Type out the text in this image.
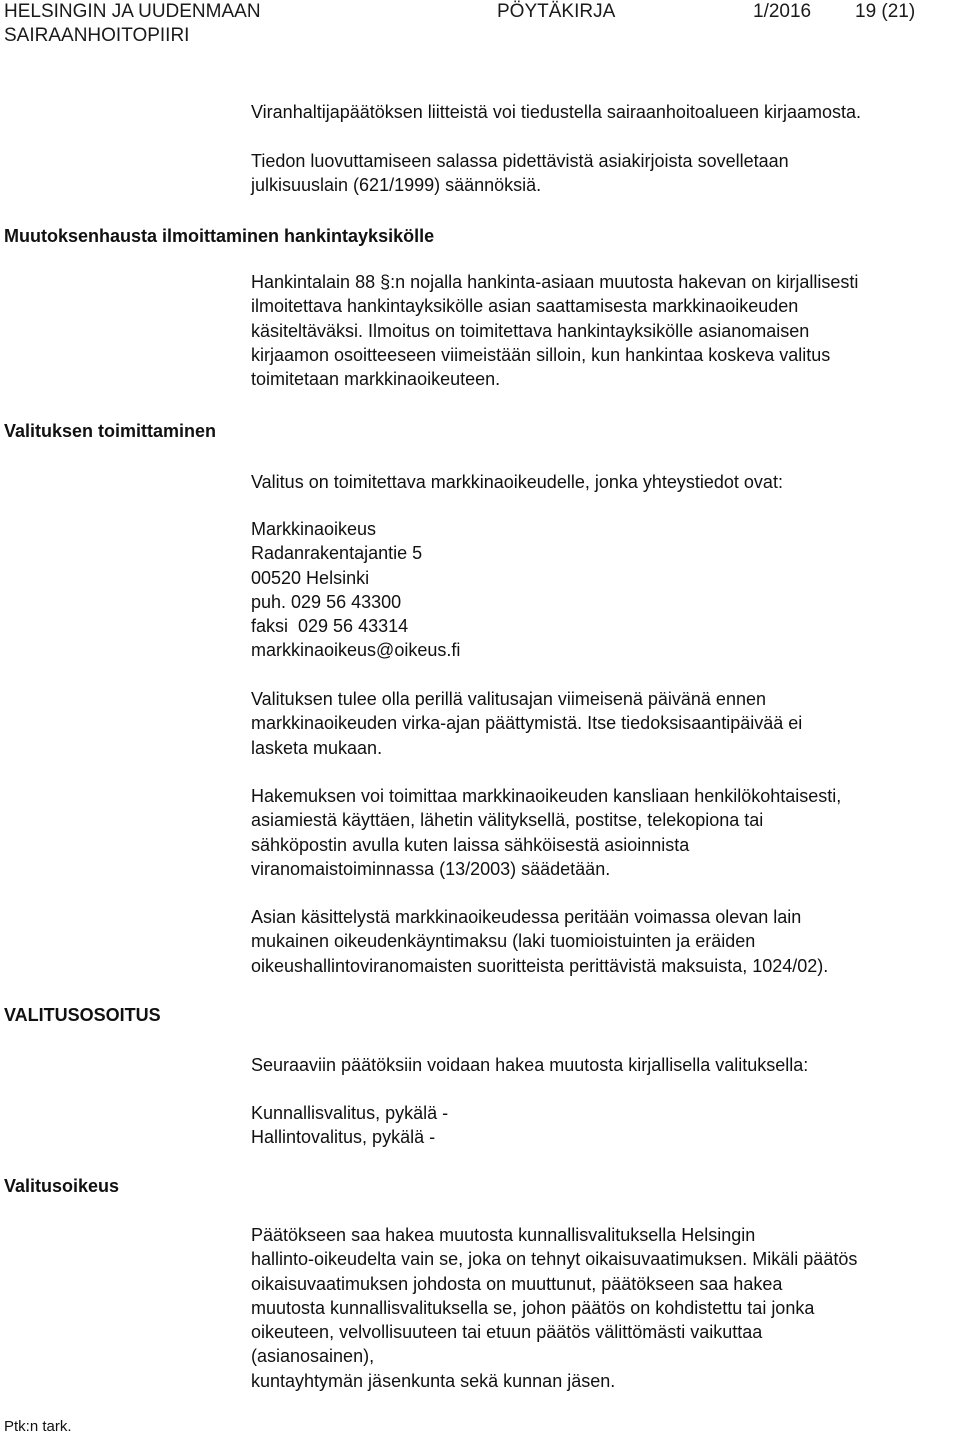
HELSINGIN JA UUDENMAAN
SAIRAANHOITOPIIRI
PÖYTÄKIRJA	1/2016 19 (21)
Muutoksenhausta ilmoittaminen hankintayksikölle
Valituksen toimittaminen
VALITUSOSOITUS
Valitusoikeus
Viranhaltijapäätöksen liitteistä voi tiedustella sairaanhoitoalueen kirjaamosta.
Tiedon luovuttamiseen salassa pidettävistä asiakirjoista sovelletaan
julkisuuslain (621/1999) säännöksiä.
Hankintalain 88 §:n nojalla hankinta-asiaan muutosta hakevan on kirjallisesti
ilmoitettava hankintayksikölle asian saattamisesta markkinaoikeuden
käsiteltäväksi. Ilmoitus on toimitettava hankintayksikölle asianomaisen
kirjaamon osoitteeseen viimeistään silloin, kun hankintaa koskeva valitus
toimitetaan markkinaoikeuteen.
Valitus on toimitettava markkinaoikeudelle, jonka yhteystiedot ovat:
Markkinaoikeus
Radanrakentajantie 5
00520 Helsinki
puh. 029 56 43300
faksi  029 56 43314
markkinaoikeus@oikeus.fi
Valituksen tulee olla perillä valitusajan viimeisenä päivänä ennen
markkinaoikeuden virka-ajan päättymistä. Itse tiedoksisaantipäivää ei
lasketa mukaan.
Hakemuksen voi toimittaa markkinaoikeuden kansliaan henkilökohtaisesti,
asiamiestä käyttäen, lähetin välityksellä, postitse, telekopiona tai
sähköpostin avulla kuten laissa sähköisestä asioinnista
viranomaistoiminnassa (13/2003) säädetään.
Asian käsittelystä markkinaoikeudessa peritään voimassa olevan lain
mukainen oikeudenkäyntimaksu (laki tuomioistuinten ja eräiden
oikeushallintoviranomaisten suoritteista perittävistä maksuista, 1024/02).
Seuraaviin päätöksiin voidaan hakea muutosta kirjallisella valituksella:
Kunnallisvalitus, pykälä -
Hallintovalitus, pykälä -
Päätökseen saa hakea muutosta kunnallisvalituksella Helsingin
hallinto-oikeudelta vain se, joka on tehnyt oikaisuvaatimuksen. Mikäli päätös
oikaisuvaatimuksen johdosta on muuttunut, päätökseen saa hakea
muutosta kunnallisvalituksella se, johon päätös on kohdistettu tai jonka
oikeuteen, velvollisuuteen tai etuun päätös välittömästi vaikuttaa
(asianosainen),
kuntayhtymän jäsenkunta sekä kunnan jäsen.
Ptk:n tark.
